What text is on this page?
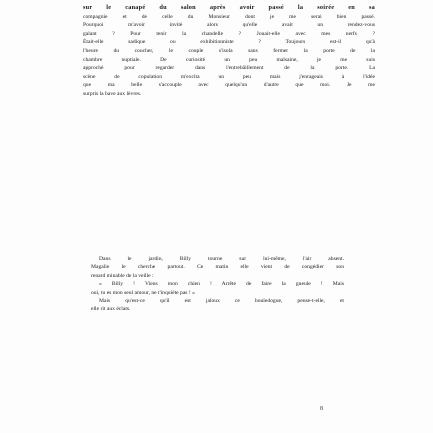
sur le canapé du salon après avoir passé la soirée en sa
compagnie et de celle du Monsieur dont je me serai bien passé.
Pourquoi m'avoir invité alors qu'elle avait un rendez-vous
galant ? Pour tenir la chandelle ? Jouait-elle avec mes nerfs ?
Était-elle sadique ou exhibitionniste ? Toujours est-il qu'à
l'heure du coucher, le couple s'isola sans fermer la porte de la
chambre nuptiale. De curiosité un peu malsaine, je me suis
approché pour regarder dans l'entrebâillement de la porte. La
scène de copulation m'excita un peu mais j'enrageais à l'idée
que ma belle s'accouple avec quelqu'un d'autre que moi. Je me
surpris la bave aux lèvres.
Dans le jardin, Billy tourne sur lui-même, l'air absent.
Magalie le cherche partout. Ce matin elle vient de congédier son
renard minable de la veille :
« Billy ! Viens mon chien ! Arrête de faire la gueule ! Mais
oui, tu es mon seul amour, ne t'inquiète pas ! »
Mais qu'est-ce qu'il est jaloux ce bouledogue, pense-t-elle, et
elle rit aux éclats.
8
